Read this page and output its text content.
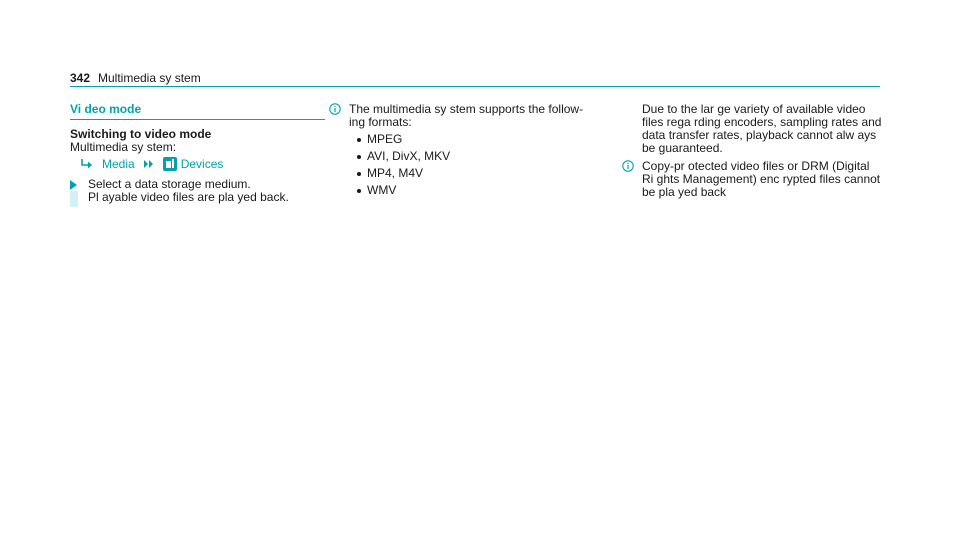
342 Multimedia sy stem
Vi deo mode
Switching to video mode
Multimedia sy stem:
Media	Devices
Select a data storage medium.
Pl ayable video files are pla yed back.
The multimedia sy stem supports the follow-
ing formats:
MPEG
AVI, DivX, MKV
MP4, M4V
WMV
Due to the lar ge variety of available video
files rega rding encoders, sampling rates and
data transfer rates, playback cannot alw ays
be guaranteed.
Copy-pr otected video files or DRM (Digital
Ri ghts Management) enc rypted files cannot
be pla yed back
